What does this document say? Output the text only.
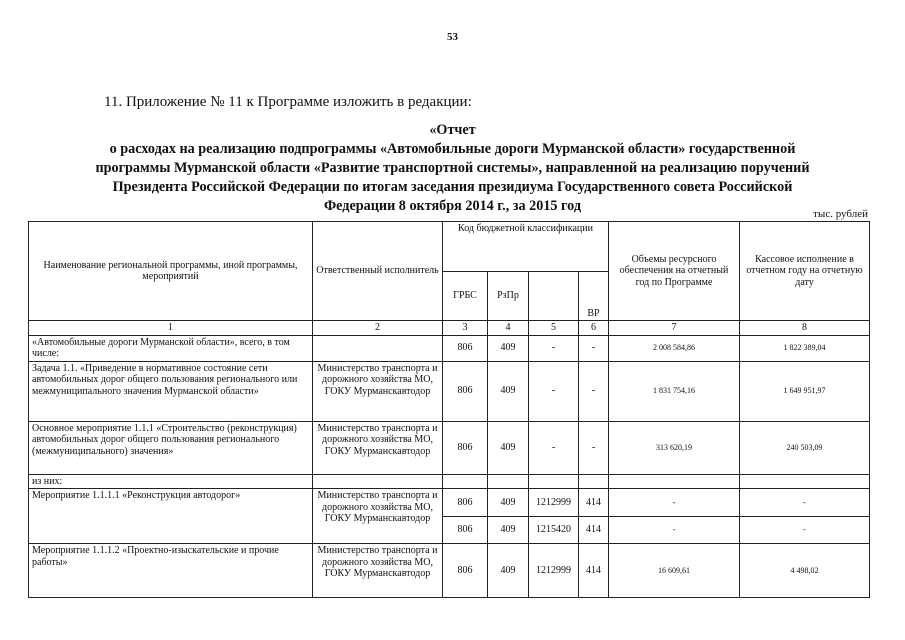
53
11. Приложение № 11 к Программе изложить в редакции:
«Отчет
о расходах на реализацию подпрограммы «Автомобильные дороги Мурманской области» государственной
программы Мурманской области «Развитие транспортной системы», направленной на реализацию поручений
Президента Российской Федерации по итогам заседания президиума Государственного совета Российской
Федерации 8 октября 2014 г., за 2015 год	тыс. рублей
Наименование региональной программы, иной программы, мероприятий	Ответственный исполнитель	Код бюджетной классификации				Объемы ресурсного обеспечения на отчетный год по Программе	Кассовое исполнение в отчетном году на отчетную дату
		ГРБС	РзПр		ВР		
1	2	3	4	5	6	7	8
«Автомобильные дороги Мурманской области», всего, в том числе:		806	409	-	-	2 008 584,86	1 822 389,04
Задача 1.1. «Приведение в нормативное состояние сети автомобильных дорог общего пользования регионального или межмуниципального значения Мурманской области»	Министерство транспорта и дорожного хозяйства МО, ГОКУ Мурманскавтодор	806	409	-	-	1 831 754,16	1 649 951,97
Основное мероприятие 1.1.1 «Строительство (реконструкция) автомобильных дорог общего пользования регионального (межмуниципального) значения»	Министерство транспорта и дорожного хозяйства МО, ГОКУ Мурманскавтодор	806	409	-	-	313 620,19	240 503,09
из них:							
Мероприятие 1.1.1.1 «Реконструкция автодорог»	Министерство транспорта и дорожного хозяйства МО, ГОКУ Мурманскавтодор	806	409	1212999	414	-	-
		806	409	1215420	414	-	-
Мероприятие 1.1.1.2 «Проектно-изыскательские и прочие работы»	Министерство транспорта и дорожного хозяйства МО, ГОКУ Мурманскавтодор	806	409	1212999	414	16 609,61	4 498,02
